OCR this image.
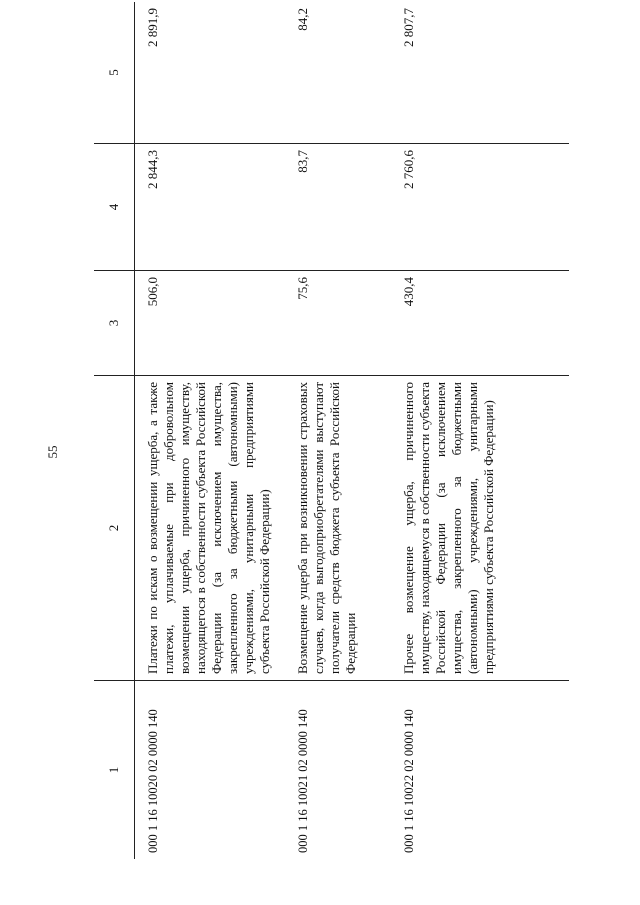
55
1	2	3	4	5
000 1 16 10020 02 0000 140	Платежи по искам о возмещении ущерба, а также платежи, уплачиваемые при добровольном возмещении ущерба, причиненного имуществу, находящегося в собственности субъекта Российской Федерации (за исключением имущества, закрепленного за бюджетными (автономными) учреждениями, унитарными предприятиями субъекта Российской Федерации)	506,0	2 844,3	2 891,9
000 1 16 10021 02 0000 140	Возмещение ущерба при возникновении страховых случаев, когда выгодоприобретателями выступают получатели средств бюджета субъекта Российской Федерации	75,6	83,7	84,2
000 1 16 10022 02 0000 140	Прочее возмещение ущерба, причиненного имуществу, находящемуся в собственности субъекта Российской Федерации (за исключением имущества, закрепленного за бюджетными (автономными) учреждениями, унитарными предприятиями субъекта Российской Федерации)	430,4	2 760,6	2 807,7
